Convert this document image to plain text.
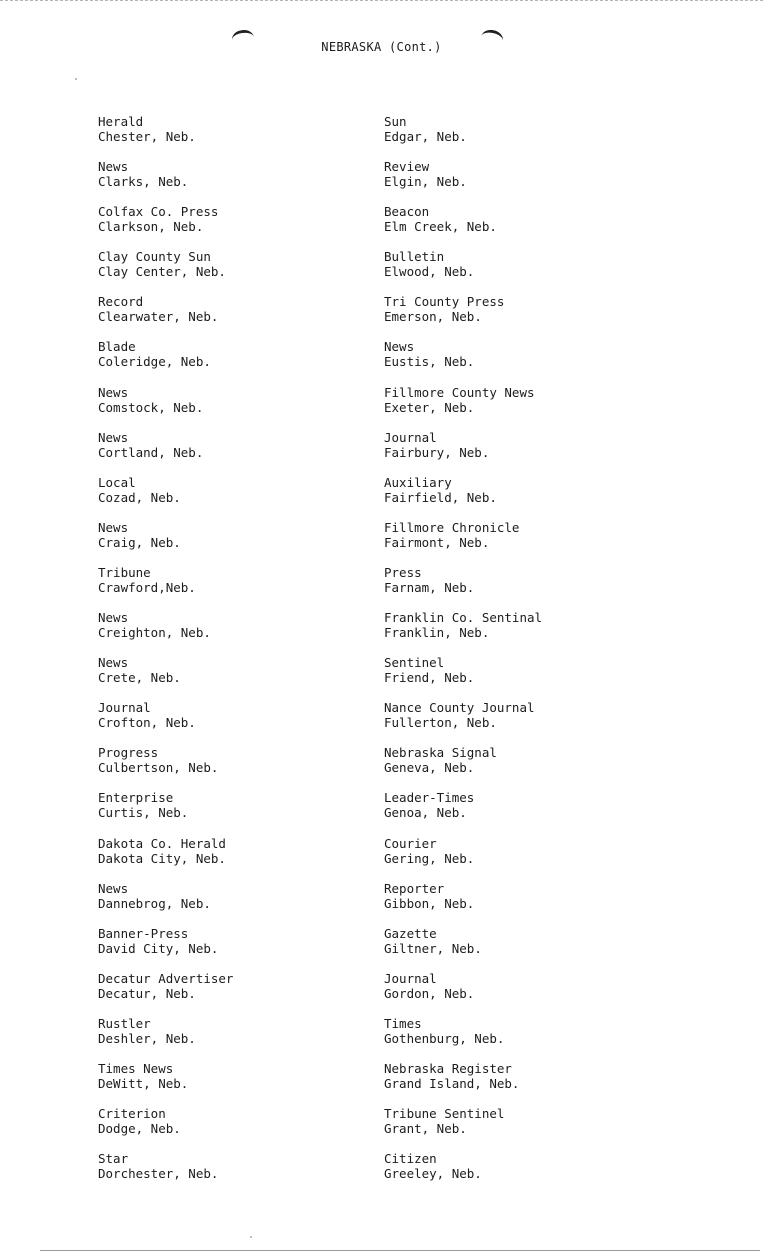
NEBRASKA (Cont.)
Herald
Chester, Neb.
News
Clarks, Neb.
Colfax Co. Press
Clarkson, Neb.
Clay County Sun
Clay Center, Neb.
Record
Clearwater, Neb.
Blade
Coleridge, Neb.
News
Comstock, Neb.
News
Cortland, Neb.
Local
Cozad, Neb.
News
Craig, Neb.
Tribune
Crawford,Neb.
News
Creighton, Neb.
News
Crete, Neb.
Journal
Crofton, Neb.
Progress
Culbertson, Neb.
Enterprise
Curtis, Neb.
Dakota Co. Herald
Dakota City, Neb.
News
Dannebrog, Neb.
Banner-Press
David City, Neb.
Decatur Advertiser
Decatur, Neb.
Rustler
Deshler, Neb.
Times News
DeWitt, Neb.
Criterion
Dodge, Neb.
Star
Dorchester, Neb.
Sun
Edgar, Neb.
Review
Elgin, Neb.
Beacon
Elm Creek, Neb.
Bulletin
Elwood, Neb.
Tri County Press
Emerson, Neb.
News
Eustis, Neb.
Fillmore County News
Exeter, Neb.
Journal
Fairbury, Neb.
Auxiliary
Fairfield, Neb.
Fillmore Chronicle
Fairmont, Neb.
Press
Farnam, Neb.
Franklin Co. Sentinal
Franklin, Neb.
Sentinel
Friend, Neb.
Nance County Journal
Fullerton, Neb.
Nebraska Signal
Geneva, Neb.
Leader-Times
Genoa, Neb.
Courier
Gering, Neb.
Reporter
Gibbon, Neb.
Gazette
Giltner, Neb.
Journal
Gordon, Neb.
Times
Gothenburg, Neb.
Nebraska Register
Grand Island, Neb.
Tribune Sentinel
Grant, Neb.
Citizen
Greeley, Neb.
